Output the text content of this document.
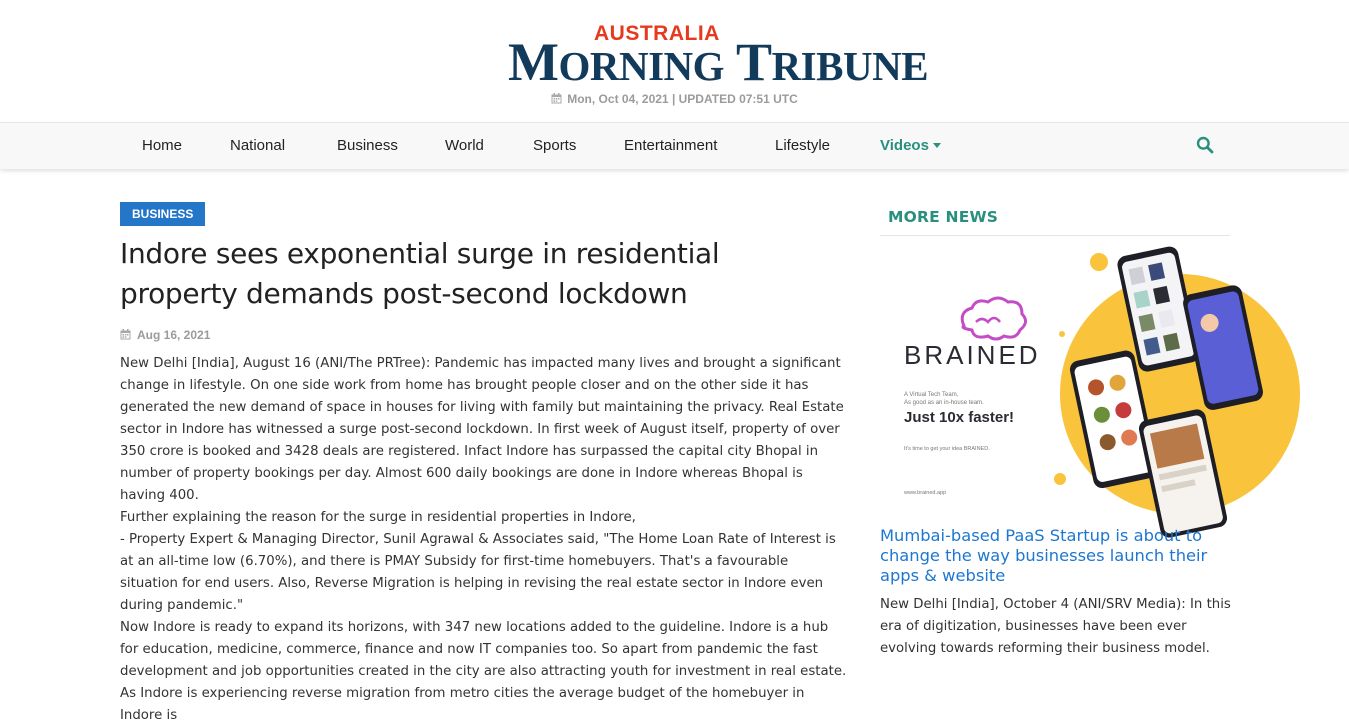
AUSTRALIA
MORNING TRIBUNE
Mon, Oct 04, 2021 | UPDATED 07:51 UTC
Home	National	Business	World	Sports	Entertainment	Lifestyle	Videos
BUSINESS
Indore sees exponential surge in residential property demands post-second lockdown
Aug 16, 2021

New Delhi [India], August 16 (ANI/The PRTree): Pandemic has impacted many lives and brought a significant change in lifestyle. On one side work from home has brought people closer and on the other side it has generated the new demand of space in houses for living with family but maintaining the privacy. Real Estate sector in Indore has witnessed a surge post-second lockdown. In first week of August itself, property of over 350 crore is booked and 3428 deals are registered. Infact Indore has surpassed the capital city Bhopal in number of property bookings per day. Almost 600 daily bookings are done in Indore whereas Bhopal is having 400.

Further explaining the reason for the surge in residential properties in Indore,

- Property Expert & Managing Director, Sunil Agrawal & Associates said, "The Home Loan Rate of Interest is at an all-time low (6.70%), and there is PMAY Subsidy for first-time homebuyers. That's a favourable situation for end users. Also, Reverse Migration is helping in revising the real estate sector in Indore even during pandemic."

Now Indore is ready to expand its horizons, with 347 new locations added to the guideline. Indore is a hub for education, medicine, commerce, finance and now IT companies too. So apart from pandemic the fast development and job opportunities created in the city are also attracting youth for investment in real estate.

As Indore is experiencing reverse migration from metro cities the average budget of the homebuyer in Indore is

MORE NEWS
BRAINED
A Virtual Tech Team,
As good as an in-house team.
Just 10x faster!
It's time to get your idea BRAINED.
www.brained.app
Mumbai-based PaaS Startup is about to change the way businesses launch their apps & website

New Delhi [India], October 4 (ANI/SRV Media): In this era of digitization, businesses have been ever evolving towards reforming their business model.
